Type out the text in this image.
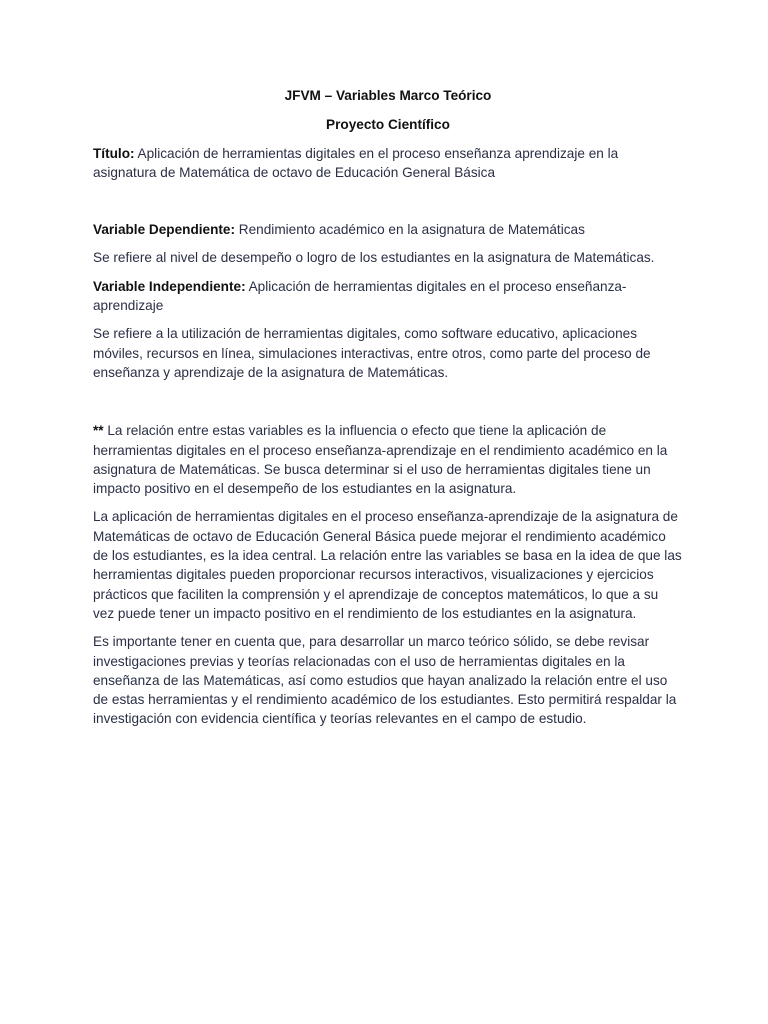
JFVM – Variables Marco Teórico

Proyecto Científico

Título: Aplicación de herramientas digitales en el proceso enseñanza aprendizaje en la asignatura de Matemática de octavo de Educación General Básica

Variable Dependiente: Rendimiento académico en la asignatura de Matemáticas

Se refiere al nivel de desempeño o logro de los estudiantes en la asignatura de Matemáticas.

Variable Independiente: Aplicación de herramientas digitales en el proceso enseñanza-aprendizaje

Se refiere a la utilización de herramientas digitales, como software educativo, aplicaciones móviles, recursos en línea, simulaciones interactivas, entre otros, como parte del proceso de enseñanza y aprendizaje de la asignatura de Matemáticas.

** La relación entre estas variables es la influencia o efecto que tiene la aplicación de herramientas digitales en el proceso enseñanza-aprendizaje en el rendimiento académico en la asignatura de Matemáticas. Se busca determinar si el uso de herramientas digitales tiene un impacto positivo en el desempeño de los estudiantes en la asignatura.

La aplicación de herramientas digitales en el proceso enseñanza-aprendizaje de la asignatura de Matemáticas de octavo de Educación General Básica puede mejorar el rendimiento académico de los estudiantes, es la idea central. La relación entre las variables se basa en la idea de que las herramientas digitales pueden proporcionar recursos interactivos, visualizaciones y ejercicios prácticos que faciliten la comprensión y el aprendizaje de conceptos matemáticos, lo que a su vez puede tener un impacto positivo en el rendimiento de los estudiantes en la asignatura.

Es importante tener en cuenta que, para desarrollar un marco teórico sólido, se debe revisar investigaciones previas y teorías relacionadas con el uso de herramientas digitales en la enseñanza de las Matemáticas, así como estudios que hayan analizado la relación entre el uso de estas herramientas y el rendimiento académico de los estudiantes. Esto permitirá respaldar la investigación con evidencia científica y teorías relevantes en el campo de estudio.
